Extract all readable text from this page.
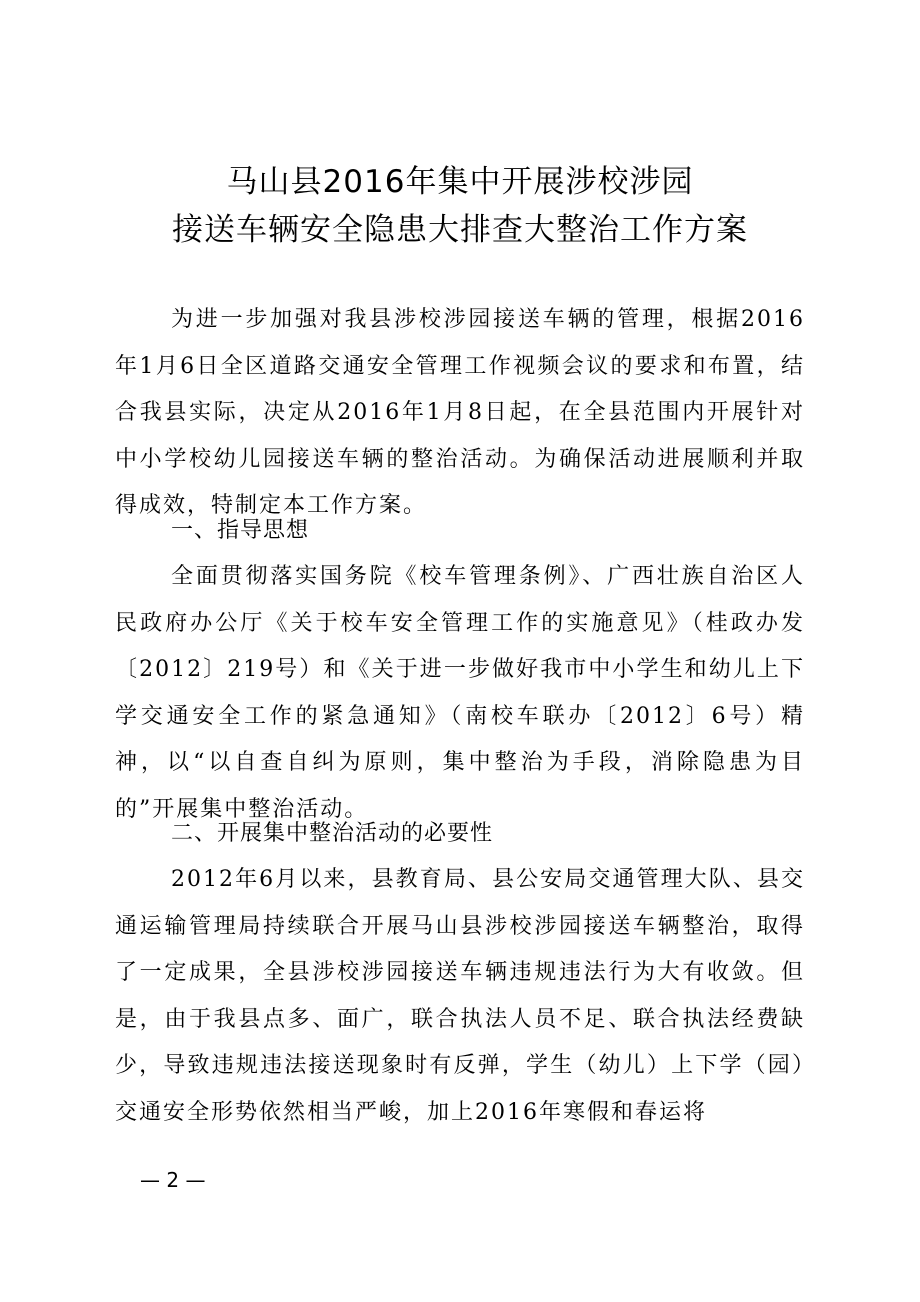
马山县2016年集中开展涉校涉园
接送车辆安全隐患大排查大整治工作方案

为进一步加强对我县涉校涉园接送车辆的管理，根据2016年1月6日全区道路交通安全管理工作视频会议的要求和布置，结合我县实际，决定从2016年1月8日起，在全县范围内开展针对中小学校幼儿园接送车辆的整治活动。为确保活动进展顺利并取得成效，特制定本工作方案。

一、指导思想

全面贯彻落实国务院《校车管理条例》、广西壮族自治区人民政府办公厅《关于校车安全管理工作的实施意见》（桂政办发〔2012〕219号）和《关于进一步做好我市中小学生和幼儿上下学交通安全工作的紧急通知》（南校车联办〔2012〕6号）精神，以“以自查自纠为原则，集中整治为手段，消除隐患为目的”开展集中整治活动。

二、开展集中整治活动的必要性

2012年6月以来，县教育局、县公安局交通管理大队、县交通运输管理局持续联合开展马山县涉校涉园接送车辆整治，取得了一定成果，全县涉校涉园接送车辆违规违法行为大有收敛。但是，由于我县点多、面广，联合执法人员不足、联合执法经费缺少，导致违规违法接送现象时有反弹，学生（幼儿）上下学（园）交通安全形势依然相当严峻，加上2016年寒假和春运将

— 2 —
